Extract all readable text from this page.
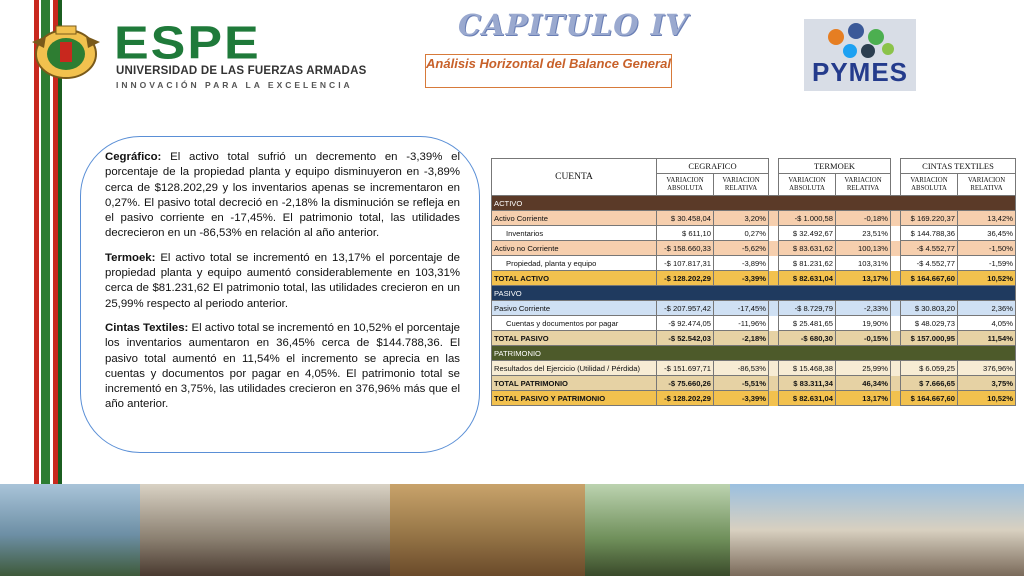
ESPE
UNIVERSIDAD DE LAS FUERZAS ARMADAS
INNOVACIÓN PARA LA EXCELENCIA
CAPITULO IV
Análisis Horizontal del Balance General	PYMES

Cegráfico: El activo total sufrió un decremento en -3,39% el porcentaje de la propiedad planta y equipo disminuyeron en -3,89% cerca de $128.202,29 y los inventarios apenas se incrementaron en 0,27%. El pasivo total decreció en -2,18% la disminución se refleja en el pasivo corriente en -17,45%. El patrimonio total, las utilidades decrecieron en un -86,53% en relación al año anterior.

Termoek: El activo total se incrementó en 13,17% el porcentaje de propiedad planta y equipo aumentó considerablemente en 103,31% cerca de $81.231,62 El patrimonio total, las utilidades crecieron en un 25,99% respecto al periodo anterior.

Cintas Textiles: El activo total se incrementó en 10,52% el porcentaje los inventarios aumentaron en 36,45% cerca de $144.788,36. El pasivo total aumentó en 11,54% el incremento se aprecia en las cuentas y documentos por pagar en 4,05%. El patrimonio total se incrementó en 3,75%, las utilidades crecieron en 376,96% más que el año anterior.

CUENTA	CEGRAFICO			TERMOEK			CINTAS TEXTILES	
	VARIACION ABSOLUTA	VARIACION RELATIVA		VARIACION ABSOLUTA	VARIACION RELATIVA		VARIACION ABSOLUTA	VARIACION RELATIVA
ACTIVO								
Activo Corriente	$ 30.458,04	3,20%		-$ 1.000,58	-0,18%		$ 169.220,37	13,42%
Inventarios	$ 611,10	0,27%		$ 32.492,67	23,51%		$ 144.788,36	36,45%
Activo no Corriente	-$ 158.660,33	-5,62%		$ 83.631,62	100,13%		-$ 4.552,77	-1,50%
Propiedad, planta y equipo	-$ 107.817,31	-3,89%		$ 81.231,62	103,31%		-$ 4.552,77	-1,59%
TOTAL ACTIVO	-$ 128.202,29	-3,39%		$ 82.631,04	13,17%		$ 164.667,60	10,52%
PASIVO								
Pasivo Corriente	-$ 207.957,42	-17,45%		-$ 8.729,79	-2,33%		$ 30.803,20	2,36%
Cuentas y documentos por pagar	-$ 92.474,05	-11,96%		$ 25.481,65	19,90%		$ 48.029,73	4,05%
TOTAL PASIVO	-$ 52.542,03	-2,18%		-$ 680,30	-0,15%		$ 157.000,95	11,54%
PATRIMONIO								
Resultados del Ejercicio (Utilidad / Pérdida)	-$ 151.697,71	-86,53%		$ 15.468,38	25,99%		$ 6.059,25	376,96%
TOTAL PATRIMONIO	-$ 75.660,26	-5,51%		$ 83.311,34	46,34%		$ 7.666,65	3,75%
TOTAL PASIVO Y PATRIMONIO	-$ 128.202,29	-3,39%		$ 82.631,04	13,17%		$ 164.667,60	10,52%
